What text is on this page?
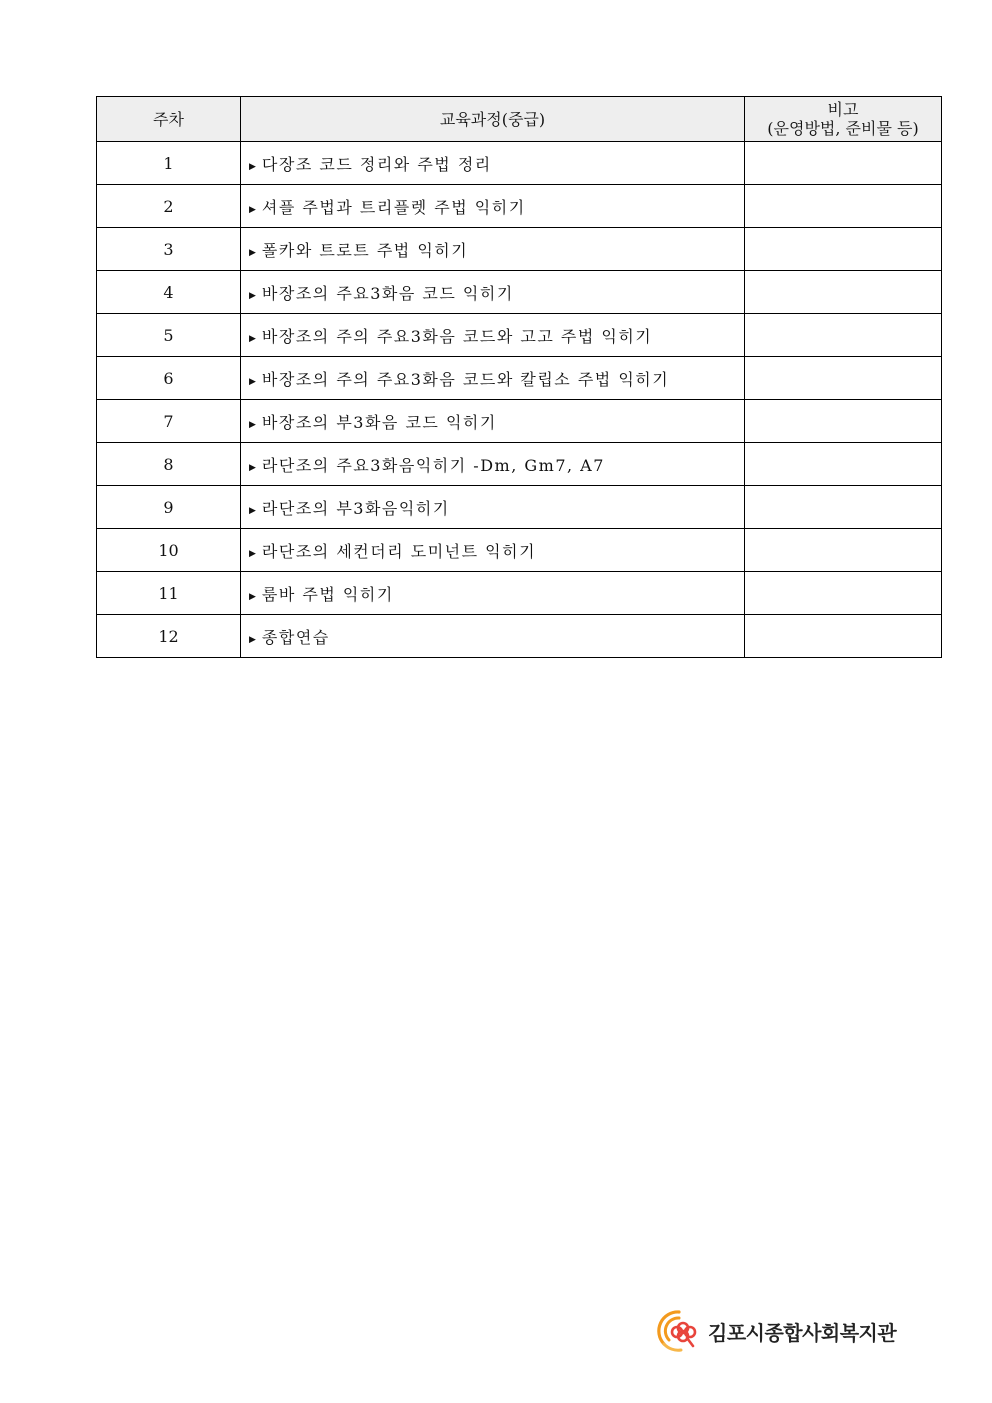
주차	교육과정(중급)	비고
(운영방법, 준비물 등)

1	▶ 다장조 코드 정리와 주법 정리	
2	▶ 셔플 주법과 트리플렛 주법 익히기	
3	▶ 폴카와 트로트 주법 익히기	
4	▶ 바장조의 주요3화음 코드 익히기	
5	▶ 바장조의 주의 주요3화음 코드와 고고 주법 익히기	
6	▶ 바장조의 주의 주요3화음 코드와 칼립소 주법 익히기	
7	▶ 바장조의 부3화음 코드 익히기	
8	▶ 라단조의 주요3화음익히기 -Dm, Gm7, A7	
9	▶ 라단조의 부3화음익히기	
10	▶ 라단조의 세컨더리 도미넌트 익히기	
11	▶ 룸바 주법 익히기	
12	▶ 종합연습	
김포시종합사회복지관
